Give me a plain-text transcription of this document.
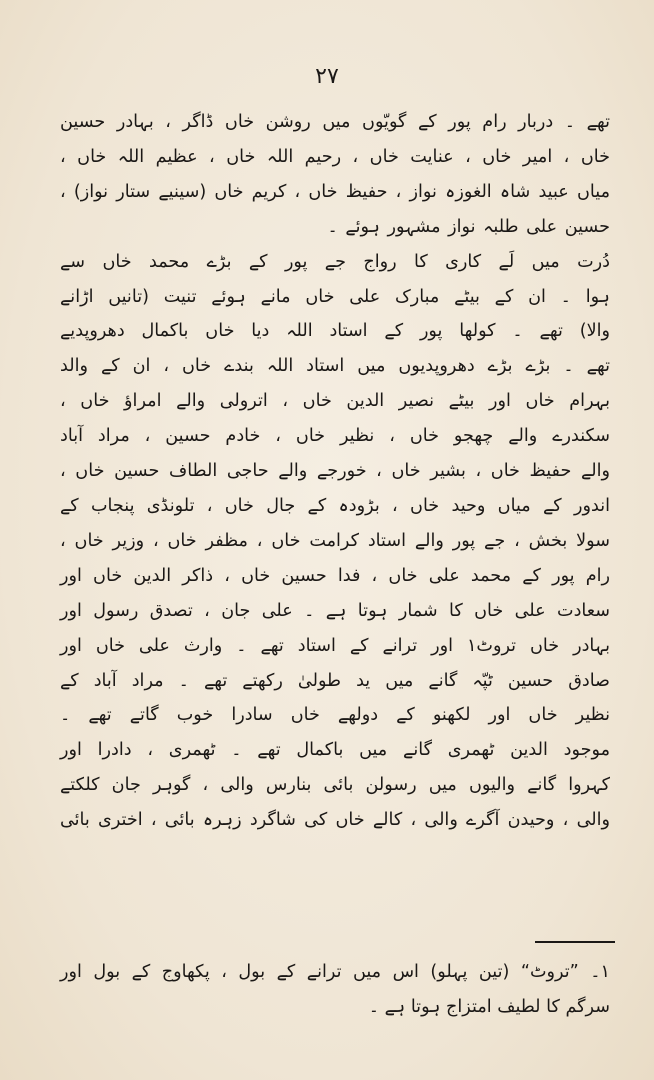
۲۷
تھے ۔ دربار رام پور کے گویّوں میں روشن خاں ڈاگر ، بہادر حسین
خاں ، امیر خاں ، عنایت خاں ، رحیم اللہ خاں ، عظیم اللہ خاں ،
میاں عبید شاہ الغوزہ نواز ، حفیظ خاں ، کریم خاں (سینیے ستار نواز) ،
حسین علی طلبہ نواز مشہور ہوئے ۔
دُرت میں لَے کاری کا رواج جے پور کے بڑے محمد خاں سے
ہوا ۔ ان کے بیٹے مبارک علی خاں مانے ہوئے تنیت (تانیں اڑانے
والا) تھے ۔ کولھا پور کے استاد اللہ دیا خاں باکمال دھروپدیے
تھے ۔ بڑے بڑے دھروپدیوں میں استاد اللہ بندے خاں ، ان کے والد
بہرام خاں اور بیٹے نصیر الدین خاں ، اترولی والے امراؤ خاں ،
سکندرے والے چھجو خاں ، نظیر خاں ، خادم حسین ، مراد آباد
والے حفیظ خاں ، بشیر خاں ، خورجے والے حاجی الطاف حسین خاں ،
اندور کے میاں وحید خاں ، بڑودہ کے جال خاں ، تلونڈی پنجاب کے
سولا بخش ، جے پور والے استاد کرامت خاں ، مظفر خاں ، وزیر خاں ،
رام پور کے محمد علی خاں ، فدا حسین خاں ، ذاکر الدین خاں اور
سعادت علی خاں کا شمار ہوتا ہے ۔ علی جان ، تصدق رسول اور
بہادر خاں تروٹ۱ اور ترانے کے استاد تھے ۔ وارث علی خاں اور
صادق حسین ٹپّہ گانے میں ید طولیٰ رکھتے تھے ۔ مراد آباد کے
نظیر خاں اور لکھنو کے دولھے خاں سادرا خوب گاتے تھے ۔
موجود الدین ٹھمری گانے میں باکمال تھے ۔ ٹھمری ، دادرا اور
کہروا گانے والیوں میں رسولن بائی بنارس والی ، گوہر جان کلکتے
والی ، وحیدن آگرے والی ، کالے خاں کی شاگرد زہرہ بائی ، اختری بائی
۱۔ ”تروٹ“ (تین پہلو) اس میں ترانے کے بول ، پکھاوج کے بول اور
سرگم کا لطیف امتزاج ہوتا ہے ۔
